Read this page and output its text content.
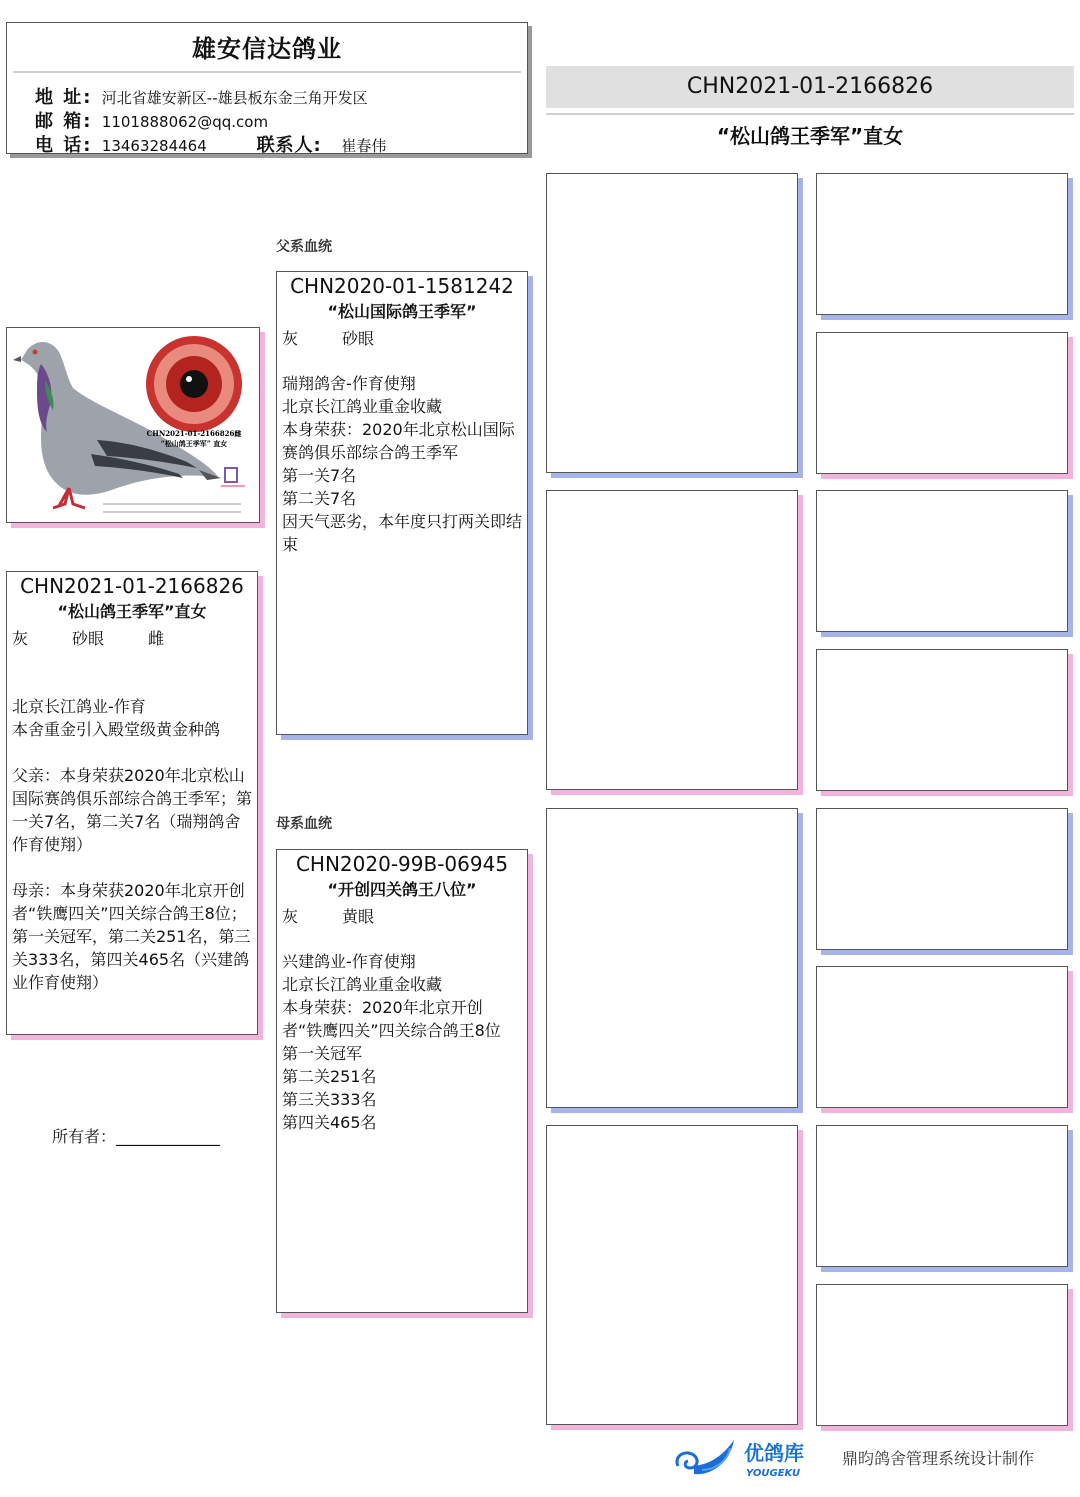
雄安信达鸽业
地 址: 河北省雄安新区--雄县板东金三角开发区
邮 箱: 1101888062@qq.com
电 话: 13463284464	联系人: 崔春伟
CHN2021-01-2166826
“松山鸽王季军”直女
CHN2021-01-2166826雌
“松山鸽王季军” 直女
父系血统
母系血统
CHN2021-01-2166826
“松山鸽王季军”直女
灰	砂眼	雌

北京长江鸽业-作育

本舍重金引入殿堂级黄金种鸽

父亲：本身荣获2020年北京松山国际赛鸽俱乐部综合鸽王季军；第一关7名，第二关7名（瑞翔鸽舍作育使翔）

母亲：本身荣获2020年北京开创者“铁鹰四关”四关综合鸽王8位；第一关冠军，第二关251名，第三关333名，第四关465名（兴建鸽业作育使翔）

CHN2020-01-1581242
“松山国际鸽王季军”
灰	砂眼

瑞翔鸽舍-作育使翔

北京长江鸽业重金收藏

本身荣获：2020年北京松山国际赛鸽俱乐部综合鸽王季军

第一关7名

第二关7名

因天气恶劣，本年度只打两关即结束

CHN2020-99B-06945
“开创四关鸽王八位”
灰	黄眼

兴建鸽业-作育使翔

北京长江鸽业重金收藏

本身荣获：2020年北京开创者“铁鹰四关”四关综合鸽王8位

第一关冠军

第二关251名

第三关333名

第四关465名

所有者：_____________
优鸽库
YOUGEKU
鼎昀鸽舍管理系统设计制作
